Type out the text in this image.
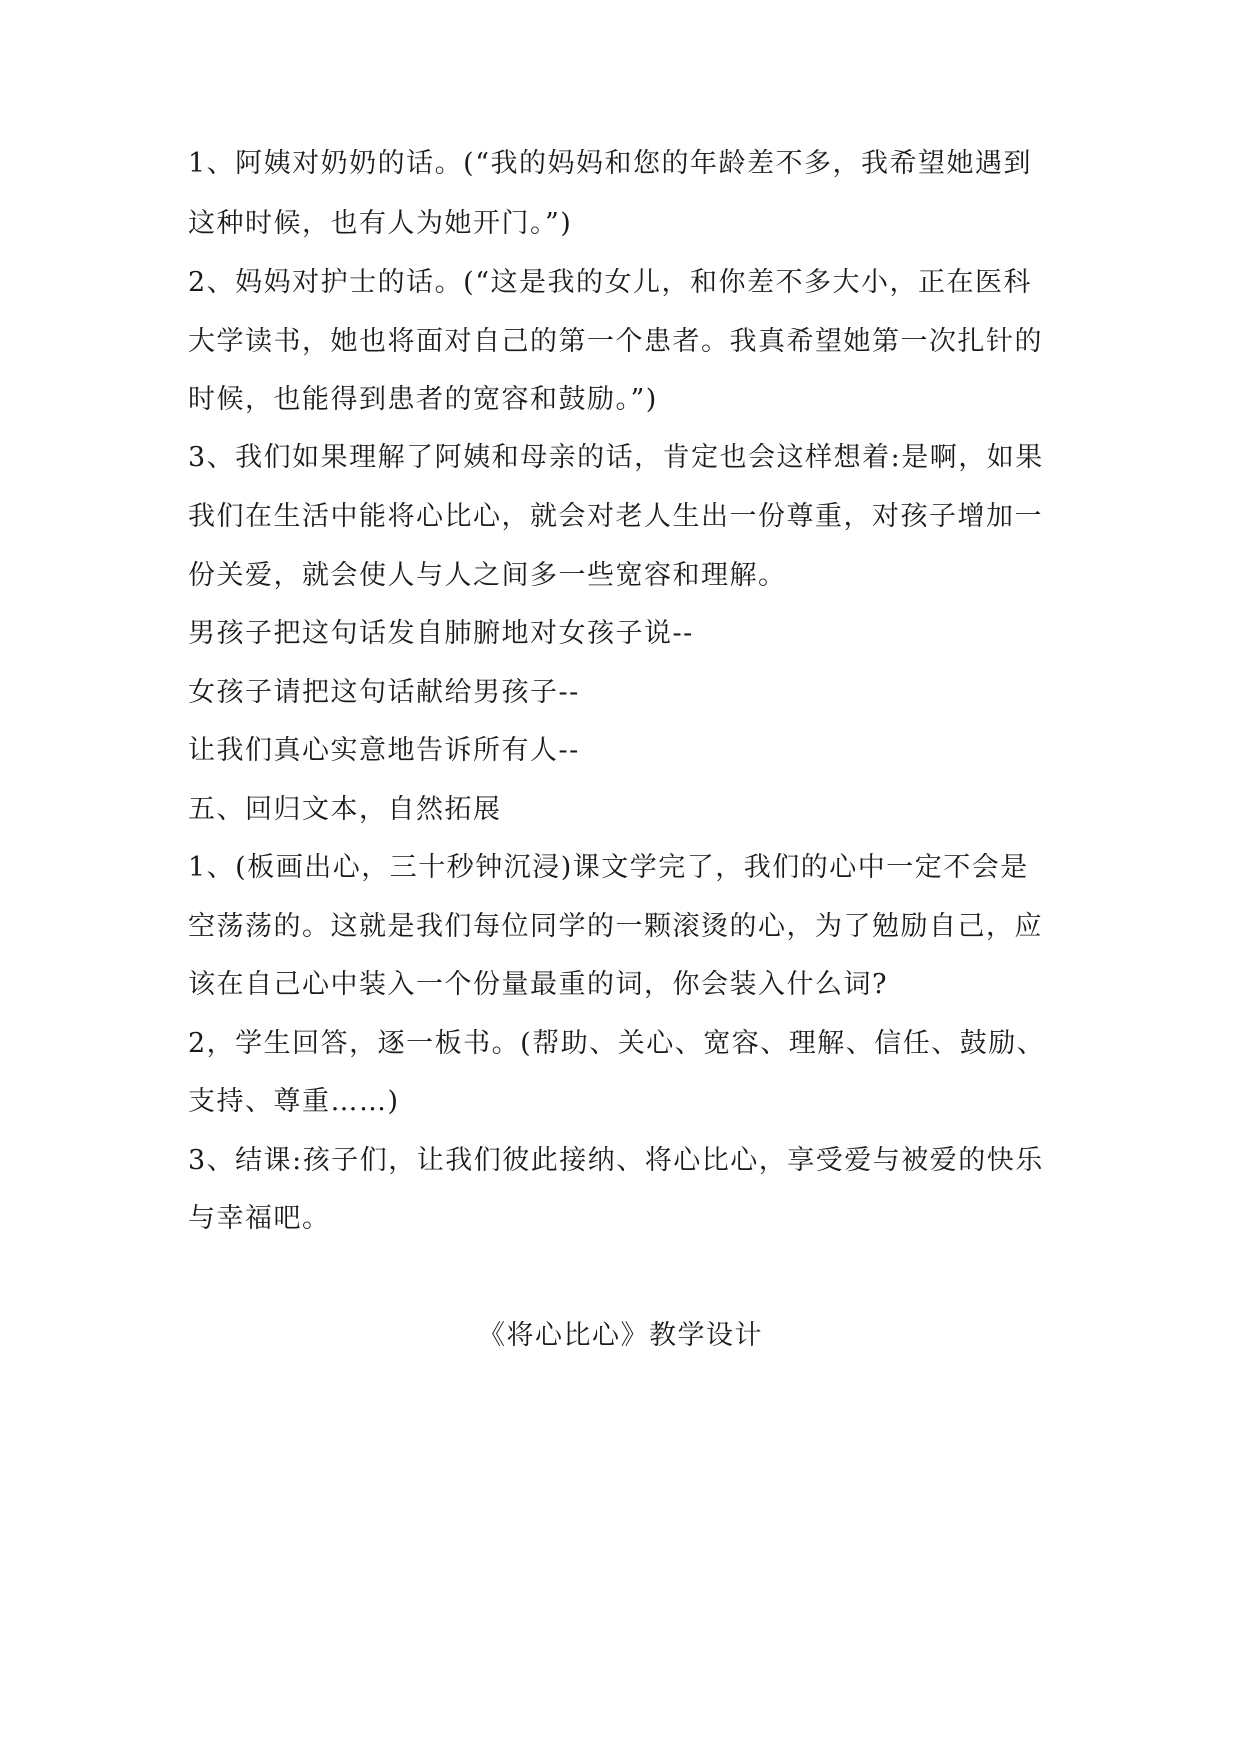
1、阿姨对奶奶的话。(“我的妈妈和您的年龄差不多，我希望她遇到
这种时候，也有人为她开门。”)
2、妈妈对护士的话。(“这是我的女儿，和你差不多大小，正在医科
大学读书，她也将面对自己的第一个患者。我真希望她第一次扎针的
时候，也能得到患者的宽容和鼓励。”)
3、我们如果理解了阿姨和母亲的话，肯定也会这样想着:是啊，如果
我们在生活中能将心比心，就会对老人生出一份尊重，对孩子增加一
份关爱，就会使人与人之间多一些宽容和理解。
男孩子把这句话发自肺腑地对女孩子说--
女孩子请把这句话献给男孩子--
让我们真心实意地告诉所有人--
五、回归文本，自然拓展
1、(板画出心，三十秒钟沉浸)课文学完了，我们的心中一定不会是
空荡荡的。这就是我们每位同学的一颗滚烫的心，为了勉励自己，应
该在自己心中装入一个份量最重的词，你会装入什么词?
2，学生回答，逐一板书。(帮助、关心、宽容、理解、信任、鼓励、
支持、尊重……)
3、结课:孩子们，让我们彼此接纳、将心比心，享受爱与被爱的快乐
与幸福吧。
《将心比心》教学设计
